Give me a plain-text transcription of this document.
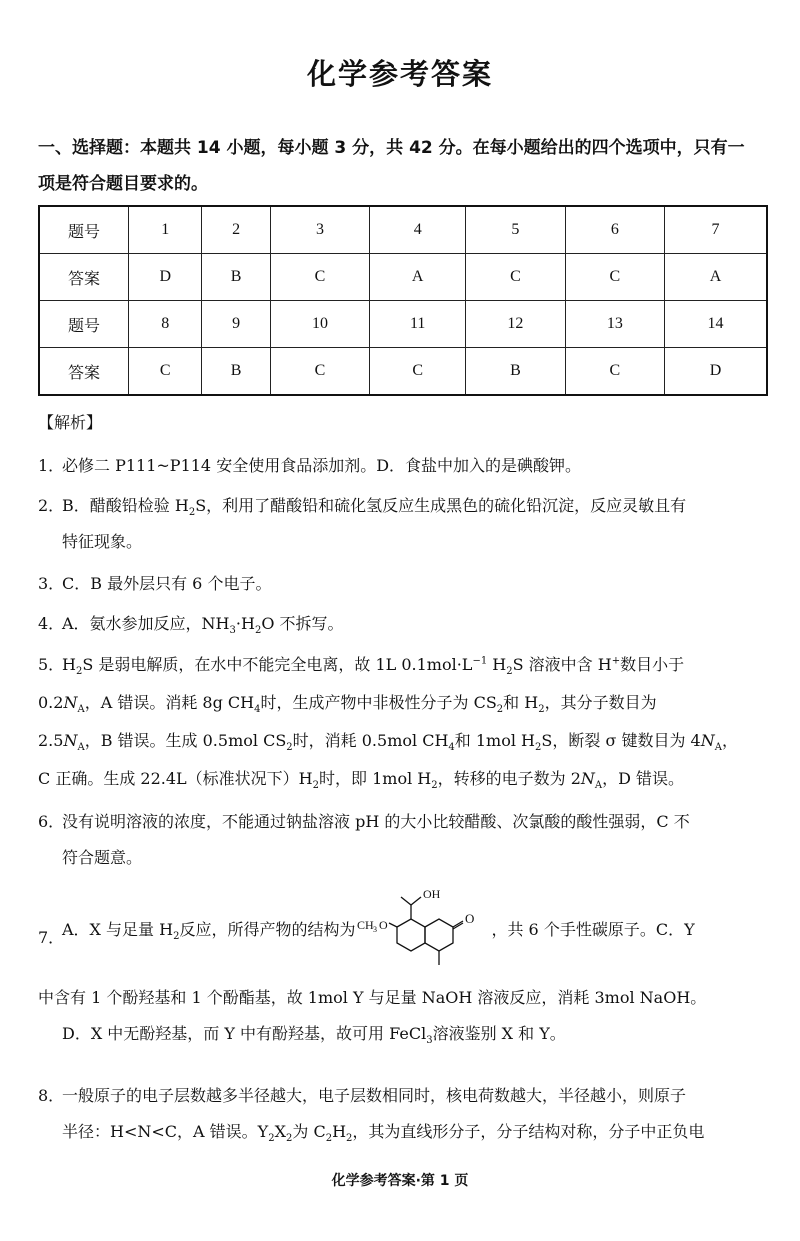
化学参考答案
一、选择题：本题共 14 小题，每小题 3 分，共 42 分。在每小题给出的四个选项中，只有一
项是符合题目要求的。
题号	1	2	3	4	5	6	7
答案	D	B	C	A	C	C	A
题号	8	9	10	11	12	13	14
答案	C	B	C	C	B	C	D
【解析】
1．
必修二 P111~P114 安全使用食品添加剂。D．食盐中加入的是碘酸钾。
2．
B．醋酸铅检验 $H_2S$，利用了醋酸铅和硫化氢反应生成黑色的硫化铅沉淀，反应灵敏且有
特征现象。
3．
C．B 最外层只有 6 个电子。
4．
A．氨水参加反应，$NH_3\cdot H_2O$ 不拆写。
5．
$H_2S$ 是弱电解质，在水中不能完全电离，故 1L $0.1mol\cdot L^{-1}$ $H_2S$ 溶液中含 H+数目小于
$0.2N_A$，A 错误。消耗 8g $CH_4$时，生成产物中非极性分子为 $CS_2$和 $H_2$，其分子数目为
$2.5N_A$，B 错误。生成 0.5mol $CS_2$时，消耗 0.5mol $CH_4$和 1mol $H_2S$，断裂 σ 键数目为 $4N_A$，
C 正确。生成 22.4L（标准状况下）$H_2$时，即 1mol $H_2$，转移的电子数为 $2N_A$，D 错误。
6．
没有说明溶液的浓度，不能通过钠盐溶液 pH 的大小比较醋酸、次氯酸的酸性强弱，C 不
符合题意。
7．
A．X 与足量 $H_2$反应，所得产物的结构为
OH
CH 3 O	O
，共 6 个手性碳原子。C．Y
中含有 1 个酚羟基和 1 个酚酯基，故 1mol Y 与足量 NaOH 溶液反应，消耗 3mol NaOH。
D．X 中无酚羟基，而 Y 中有酚羟基，故可用 FeCl$_3$溶液鉴别 X 和 Y。
8．
一般原子的电子层数越多半径越大，电子层数相同时，核电荷数越大，半径越小，则原子
半径：H<N<C，A 错误。$Y_2X_2$为 $C_2H_2$，其为直线形分子，分子结构对称，分子中正负电
化学参考答案·第 1 页
